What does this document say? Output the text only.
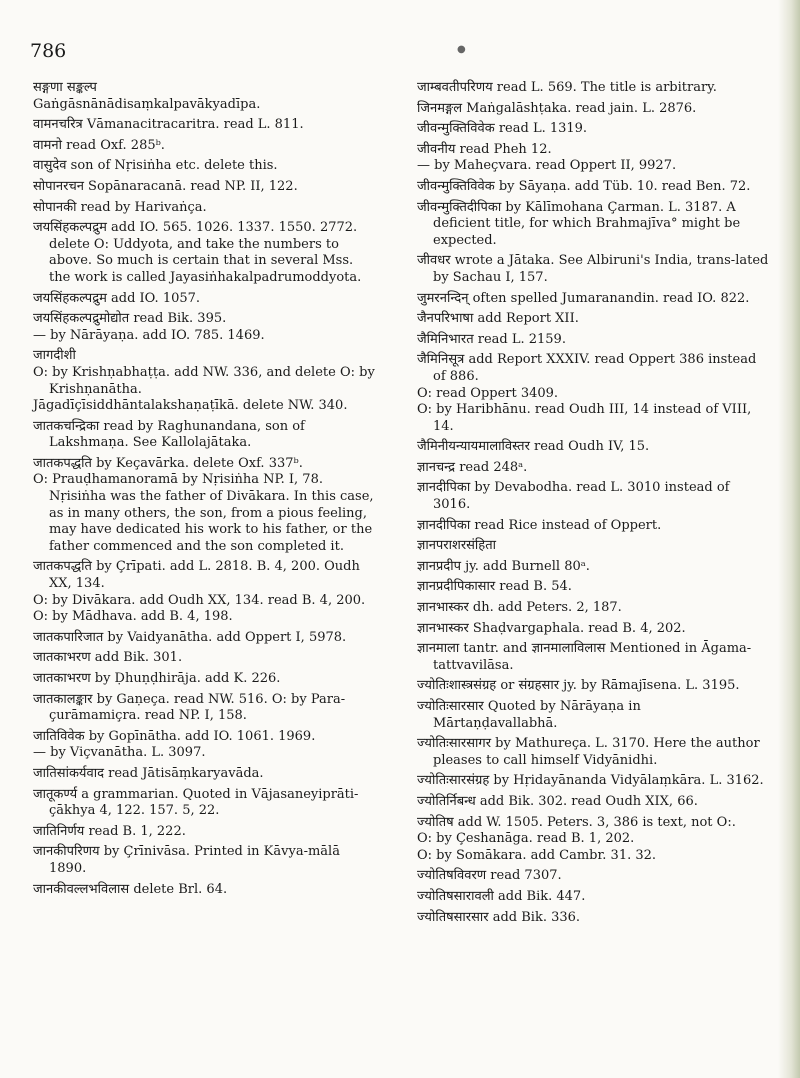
786	●

सङ्गणा सङ्कल्प

Gaṅgāsnānādisaṃkalpavākyadīpa.

वामनचरित्र Vāmanacitracaritra. read L. 811.

वामनो read Oxf. 285ᵇ.

वासुदेव son of Nṛisiṅha etc. delete this.

सोपानरचन Sopānaracanā. read NP. II, 122.

सोपानकी read by Harivaṅça.

जयसिंहकल्पद्रुम add IO. 565. 1026. 1337. 1550. 2772. delete O: Uddyota, and take the numbers to above. So much is certain that in several Mss. the work is called Jayasiṅhakalpadrumoddyota.

जयसिंहकल्पद्रुम add IO. 1057.

जयसिंहकल्पद्रुमोद्योत read Bik. 395.

— by Nārāyaṇa. add IO. 785. 1469.

जागदीशी

O: by Krishṇabhaṭṭa. add NW. 336, and delete O: by Krishṇanātha.

Jāgadīçīsiddhāntalakshaṇaṭīkā. delete NW. 340.

जातकचन्द्रिका read by Raghunandana, son of Lakshmaṇa. See Kallolajātaka.

जातकपद्धति by Keçavārka. delete Oxf. 337ᵇ.

O: Prauḍhamanoramā by Nṛisiṅha NP. I, 78. Nṛisiṅha was the father of Divākara. In this case, as in many others, the son, from a pious feeling, may have dedicated his work to his father, or the father commenced and the son completed it.

जातकपद्धति by Çrīpati. add L. 2818. B. 4, 200. Oudh XX, 134.

O: by Divākara. add Oudh XX, 134. read B. 4, 200.

O: by Mādhava. add B. 4, 198.

जातकपारिजात by Vaidyanātha. add Oppert I, 5978.

जातकाभरण add Bik. 301.

जातकाभरण by Ḍhuṇḍhirāja. add K. 226.

जातकालङ्कार by Gaṇeça. read NW. 516. O: by Para-çurāmamiçra. read NP. I, 158.

जातिविवेक by Gopīnātha. add IO. 1061. 1969.

— by Viçvanātha. L. 3097.

जातिसांकर्यवाद read Jātisāṃkaryavāda.

जातूकर्ण्य a grammarian. Quoted in Vājasaneyiprāti-çākhya 4, 122. 157. 5, 22.

जातिनिर्णय read B. 1, 222.

जानकीपरिणय by Çrīnivāsa. Printed in Kāvya-mālā 1890.

जानकीवल्लभविलास delete Brl. 64.

जाम्बवतीपरिणय read L. 569. The title is arbitrary.

जिनमङ्गल Maṅgalāshṭaka. read jain. L. 2876.

जीवन्मुक्तिविवेक read L. 1319.

जीवनीय read Pheh 12.

— by Maheçvara. read Oppert II, 9927.

जीवन्मुक्तिविवेक by Sāyaṇa. add Tüb. 10. read Ben. 72.

जीवन्मुक्तिदीपिका by Kālīmohana Çarman. L. 3187. A deficient title, for which Brahmajīva° might be expected.

जीवधर wrote a Jātaka. See Albiruni's India, trans-lated by Sachau I, 157.

जुमरनन्दिन् often spelled Jumaranandin. read IO. 822.

जैनपरिभाषा add Report XII.

जैमिनिभारत read L. 2159.

जैमिनिसूत्र add Report XXXIV. read Oppert 386 instead of 886.

O: read Oppert 3409.

O: by Haribhānu. read Oudh III, 14 instead of VIII, 14.

जैमिनीयन्यायमालाविस्तर read Oudh IV, 15.

ज्ञानचन्द्र read 248ᵃ.

ज्ञानदीपिका by Devabodha. read L. 3010 instead of 3016.

ज्ञानदीपिका read Rice instead of Oppert.

ज्ञानपराशरसंहिता

ज्ञानप्रदीप jy. add Burnell 80ᵃ.

ज्ञानप्रदीपिकासार read B. 54.

ज्ञानभास्कर dh. add Peters. 2, 187.

ज्ञानभास्कर Shaḍvargaphala. read B. 4, 202.

ज्ञानमाला tantr. and ज्ञानमालाविलास Mentioned in Āgama-tattvavilāsa.

ज्योतिःशास्त्रसंग्रह or संग्रहसार jy. by Rāmajīsena. L. 3195.

ज्योतिःसारसार Quoted by Nārāyaṇa in Mārtaṇḍavallabhā.

ज्योतिःसारसागर by Mathureça. L. 3170. Here the author pleases to call himself Vidyānidhi.

ज्योतिःसारसंग्रह by Hṛidayānanda Vidyālaṃkāra. L. 3162.

ज्योतिर्निबन्ध add Bik. 302. read Oudh XIX, 66.

ज्योतिष add W. 1505. Peters. 3, 386 is text, not O:.

O: by Çeshanāga. read B. 1, 202.

O: by Somākara. add Cambr. 31. 32.

ज्योतिषविवरण read 7307.

ज्योतिषसारावली add Bik. 447.

ज्योतिषसारसार add Bik. 336.
